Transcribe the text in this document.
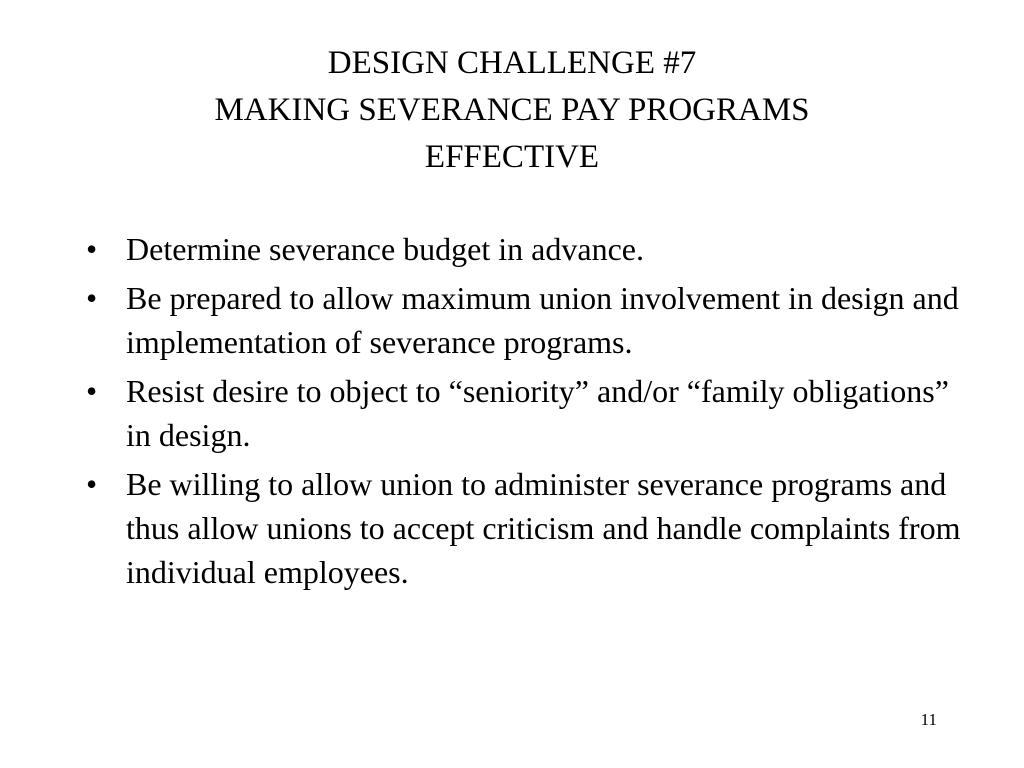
DESIGN CHALLENGE #7
MAKING SEVERANCE PAY PROGRAMS
EFFECTIVE
• Determine severance budget in advance.
• Be prepared to allow maximum union involvement in design and implementation of severance programs.
• Resist desire to object to “seniority” and/or “family obligations” in design.
• Be willing to allow union to administer severance programs and thus allow unions to accept criticism and handle complaints from individual employees.
11
